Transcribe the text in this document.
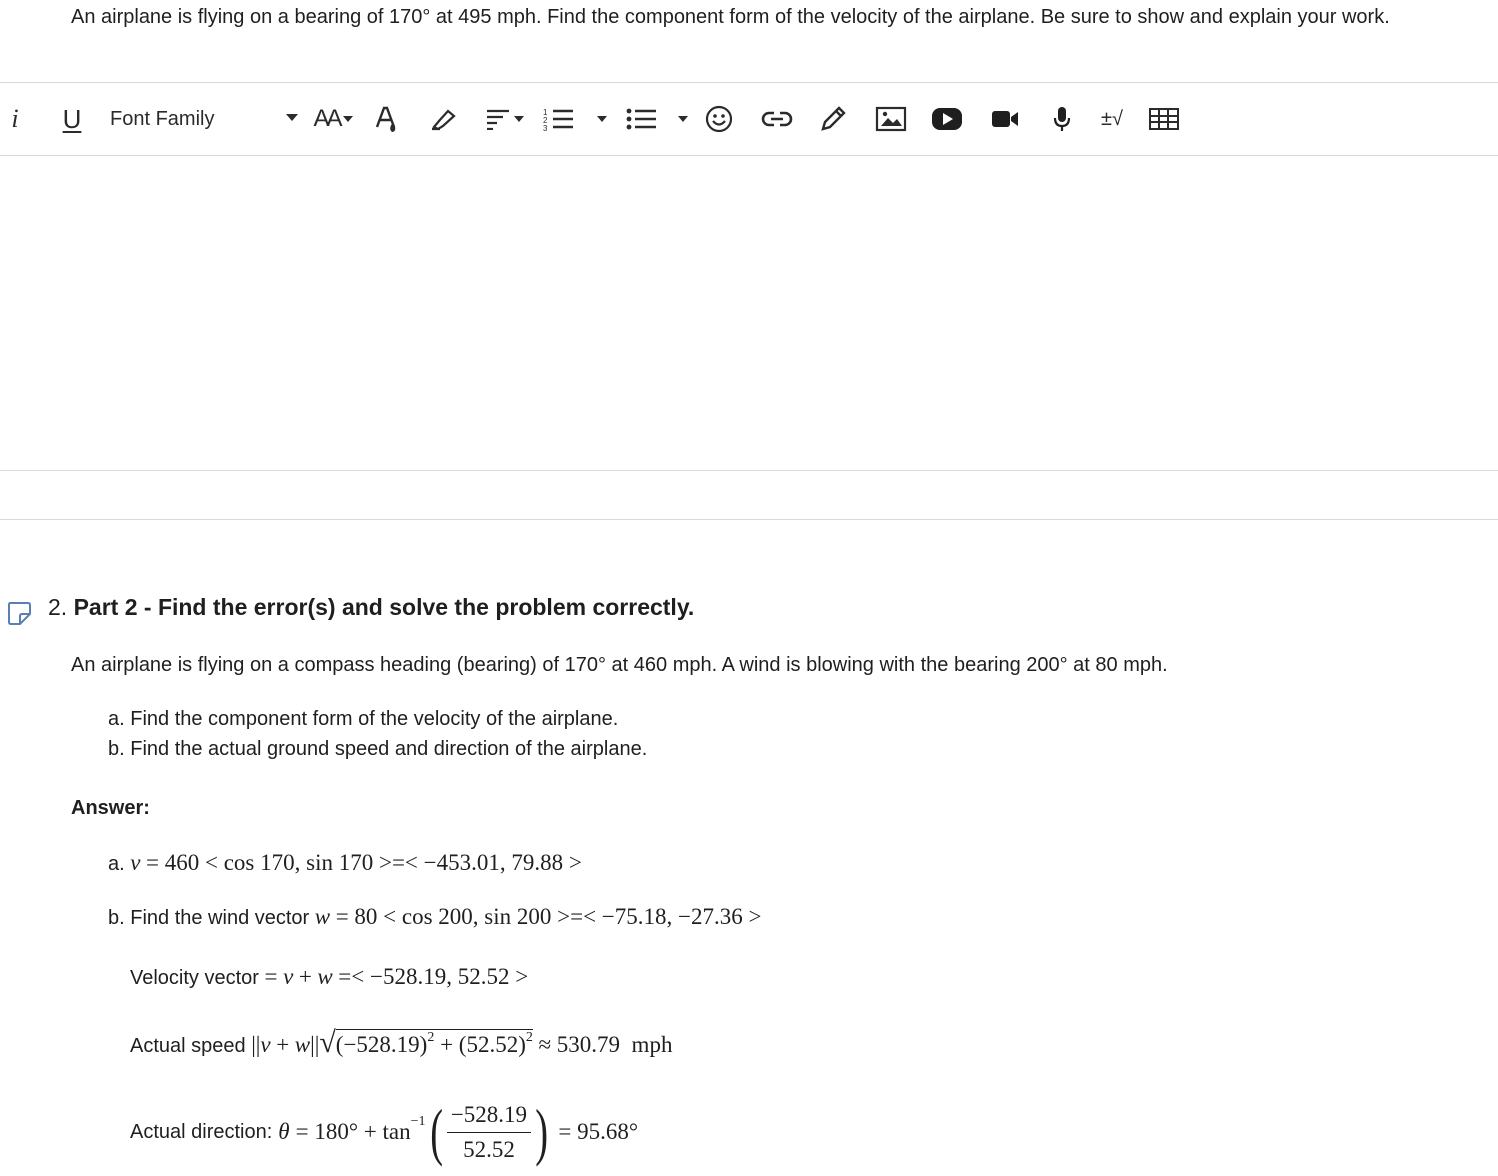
An airplane is flying on a bearing of 170° at 495 mph. Find the component form of the velocity of the airplane. Be sure to show and explain your work.
i U Font Family	AA	1
2
3	±√
2. Part 2 - Find the error(s) and solve the problem correctly.
An airplane is flying on a compass heading (bearing) of 170° at 460 mph. A wind is blowing with the bearing 200° at 80 mph.
a. Find the component form of the velocity of the airplane.
b. Find the actual ground speed and direction of the airplane.
Answer:
a. v = 460 < cos 170, sin 170 >=< −453.01, 79.88 >
b. Find the wind vector w = 80 < cos 200, sin 200 >=< −75.18, −27.36 >
Velocity vector = v + w =< −528.19, 52.52 >
Actual speed $||v + w||√(-528.19)^2 + (52.52)^2 \approx 530.79$  mph
Actual direction: θ = 180° + tan −1 ( $\frac{-528.19}{52.52}$ ) = 95.68°
